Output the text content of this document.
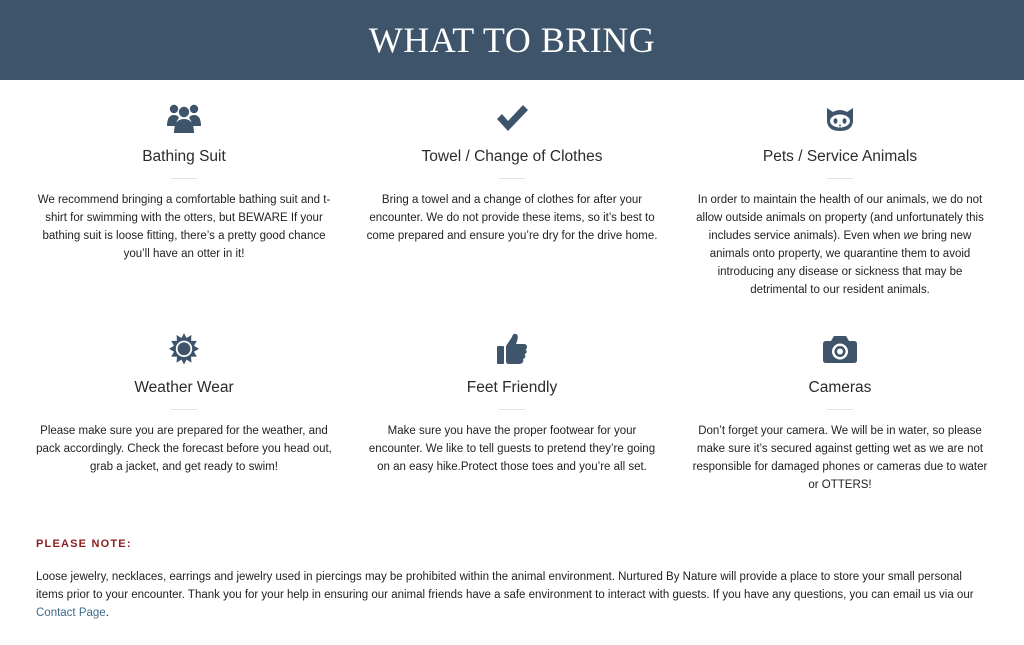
WHAT TO BRING
Bathing Suit

We recommend bringing a comfortable bathing suit and t-shirt for swimming with the otters, but BEWARE If your bathing suit is loose fitting, there’s a pretty good chance you’ll have an otter in it!

Towel / Change of Clothes

Bring a towel and a change of clothes for after your encounter. We do not provide these items, so it’s best to come prepared and ensure you’re dry for the drive home.

Pets / Service Animals

In order to maintain the health of our animals, we do not allow outside animals on property (and unfortunately this includes service animals). Even when we bring new animals onto property, we quarantine them to avoid introducing any disease or sickness that may be detrimental to our resident animals.

Weather Wear

Please make sure you are prepared for the weather, and pack accordingly. Check the forecast before you head out, grab a jacket, and get ready to swim!

Feet Friendly

Make sure you have the proper footwear for your encounter. We like to tell guests to pretend they’re going on an easy hike.Protect those toes and you’re all set.

Cameras

Don’t forget your camera. We will be in water, so please make sure it’s secured against getting wet as we are not responsible for damaged phones or cameras due to water or OTTERS!

PLEASE NOTE:

Loose jewelry, necklaces, earrings and jewelry used in piercings may be prohibited within the animal environment. Nurtured By Nature will provide a place to store your small personal items prior to your encounter. Thank you for your help in ensuring our animal friends have a safe environment to interact with guests. If you have any questions, you can email us via our Contact Page.
